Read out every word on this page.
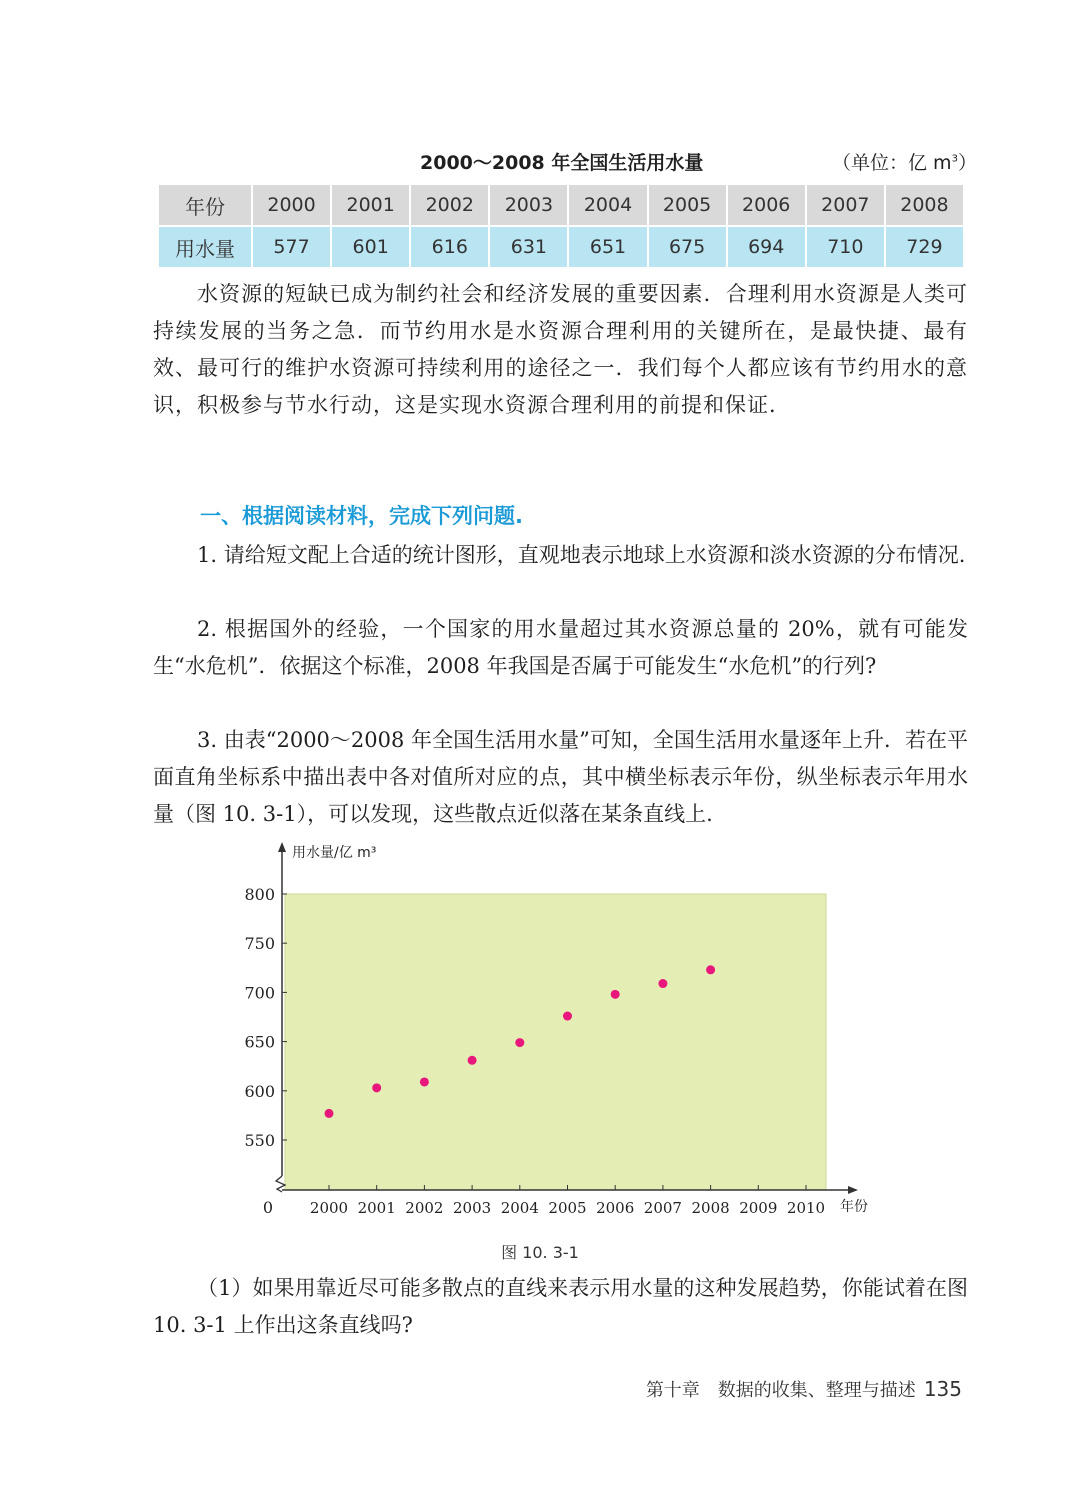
2000～2008 年全国生活用水量	（单位：亿 $m^3$）
年份	2000	2001	2002	2003	2004	2005	2006	2007	2008
用水量	577	601	616	631	651	675	694	710	729
水资源的短缺已成为制约社会和经济发展的重要因素．合理利用水资源是人类可持续发展的当务之急．而节约用水是水资源合理利用的关键所在，是最快捷、最有效、最可行的维护水资源可持续利用的途径之一．我们每个人都应该有节约用水的意识，积极参与节水行动，这是实现水资源合理利用的前提和保证．
一、根据阅读材料，完成下列问题.
1. 请给短文配上合适的统计图形，直观地表示地球上水资源和淡水资源的分布情况.
2. 根据国外的经验，一个国家的用水量超过其水资源总量的 20%，就有可能发生“水危机”．依据这个标准，2008 年我国是否属于可能发生“水危机”的行列?
3. 由表“2000～2008 年全国生活用水量”可知，全国生活用水量逐年上升．若在平面直角坐标系中描出表中各对值所对应的点，其中横坐标表示年份，纵坐标表示年用水量（图 10. 3-1），可以发现，这些散点近似落在某条直线上.
550
600
650
700
750
800
2000 2001 2002 2003 2004 2005 2006 2007 2008 2009 2010
0
用水量/亿 m³
年份
图 10. 3-1
（1）如果用靠近尽可能多散点的直线来表示用水量的这种发展趋势，你能试着在图 10. 3-1 上作出这条直线吗?
第十章　数据的收集、整理与描述 135
